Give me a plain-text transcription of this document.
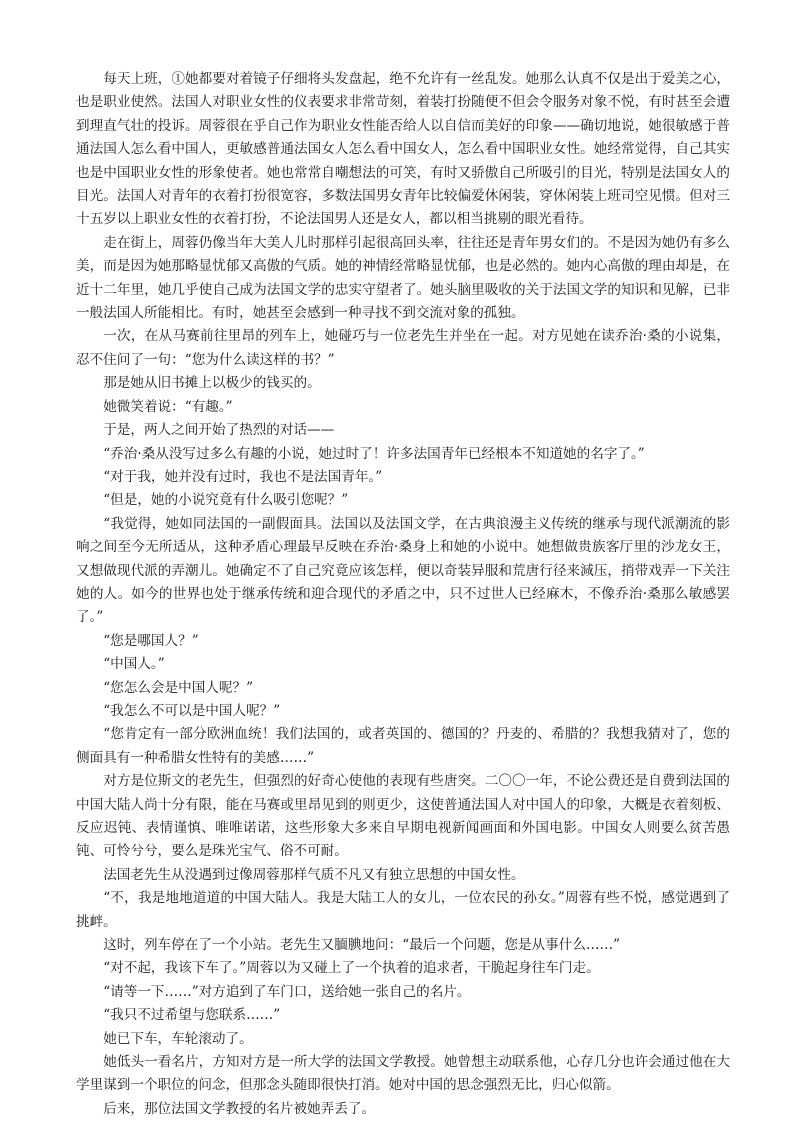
每天上班，①她都要对着镜子仔细将头发盘起，绝不允许有一丝乱发。她那么认真不仅是出于爱美之心，也是职业使然。法国人对职业女性的仪表要求非常苛刻，着装打扮随便不但会令服务对象不悦，有时甚至会遭到理直气壮的投诉。周蓉很在乎自己作为职业女性能否给人以自信而美好的印象——确切地说，她很敏感于普通法国人怎么看中国人，更敏感普通法国女人怎么看中国女人，怎么看中国职业女性。她经常觉得，自己其实也是中国职业女性的形象使者。她也常常自嘲想法的可笑，有时又骄傲自己所吸引的目光，特别是法国女人的目光。法国人对青年的衣着打扮很宽容，多数法国男女青年比较偏爱休闲装，穿休闲装上班司空见惯。但对三十五岁以上职业女性的衣着打扮，不论法国男人还是女人，都以相当挑剔的眼光看待。

走在街上，周蓉仍像当年大美人儿时那样引起很高回头率，往往还是青年男女们的。不是因为她仍有多么美，而是因为她那略显忧郁又高傲的气质。她的神情经常略显忧郁，也是必然的。她内心高傲的理由却是，在近十二年里，她几乎使自己成为法国文学的忠实守望者了。她头脑里吸收的关于法国文学的知识和见解，已非一般法国人所能相比。有时，她甚至会感到一种寻找不到交流对象的孤独。

一次，在从马赛前往里昂的列车上，她碰巧与一位老先生并坐在一起。对方见她在读乔治·桑的小说集，忍不住问了一句：“您为什么读这样的书？”

那是她从旧书摊上以极少的钱买的。

她微笑着说：“有趣。”

于是，两人之间开始了热烈的对话——

“乔治·桑从没写过多么有趣的小说，她过时了！许多法国青年已经根本不知道她的名字了。”

“对于我，她并没有过时，我也不是法国青年。”

“但是，她的小说究竟有什么吸引您呢？”

“我觉得，她如同法国的一副假面具。法国以及法国文学，在古典浪漫主义传统的继承与现代派潮流的影响之间至今无所适从，这种矛盾心理最早反映在乔治·桑身上和她的小说中。她想做贵族客厅里的沙龙女王，又想做现代派的弄潮儿。她确定不了自己究竟应该怎样，便以奇装异服和荒唐行径来減压，捎带戏弄一下关注她的人。如今的世界也处于继承传统和迎合现代的矛盾之中，只不过世人已经麻木，不像乔治·桑那么敏感罢了。”

“您是哪国人？”

“中国人。”

“您怎么会是中国人呢？”

“我怎么不可以是中国人呢？”

“您肯定有一部分欧洲血统！我们法国的，或者英国的、德国的？丹麦的、希腊的？我想我猜对了，您的侧面具有一种希腊女性特有的美感……”

对方是位斯文的老先生，但强烈的好奇心使他的表现有些唐突。二〇〇一年，不论公费还是自费到法国的中国大陆人尚十分有限，能在马赛或里昂见到的则更少，这使普通法国人对中国人的印象，大概是衣着刻板、反应迟钝、表情谨慎、唯唯诺诺，这些形象大多来自早期电视新闻画面和外国电影。中国女人则要么贫苦愚钝、可怜兮兮，要么是珠光宝气、俗不可耐。

法国老先生从没遇到过像周蓉那样气质不凡又有独立思想的中国女性。

“不，我是地地道道的中国大陆人。我是大陆工人的女儿，一位农民的孙女。”周蓉有些不悦，感觉遇到了挑衅。

这时，列车停在了一个小站。老先生又腼腆地问：“最后一个问题，您是从事什么……”

“对不起，我该下车了。”周蓉以为又碰上了一个执着的追求者，干脆起身往车门走。

“请等一下……”对方追到了车门口，送给她一张自己的名片。

“我只不过希望与您联系……”

她已下车，车轮滚动了。

她低头一看名片，方知对方是一所大学的法国文学教授。她曾想主动联系他，心存几分也许会通过他在大学里谋到一个职位的问念，但那念头随即很快打消。她对中国的思念强烈无比，归心似箭。

后来，那位法国文学教授的名片被她弄丢了。
